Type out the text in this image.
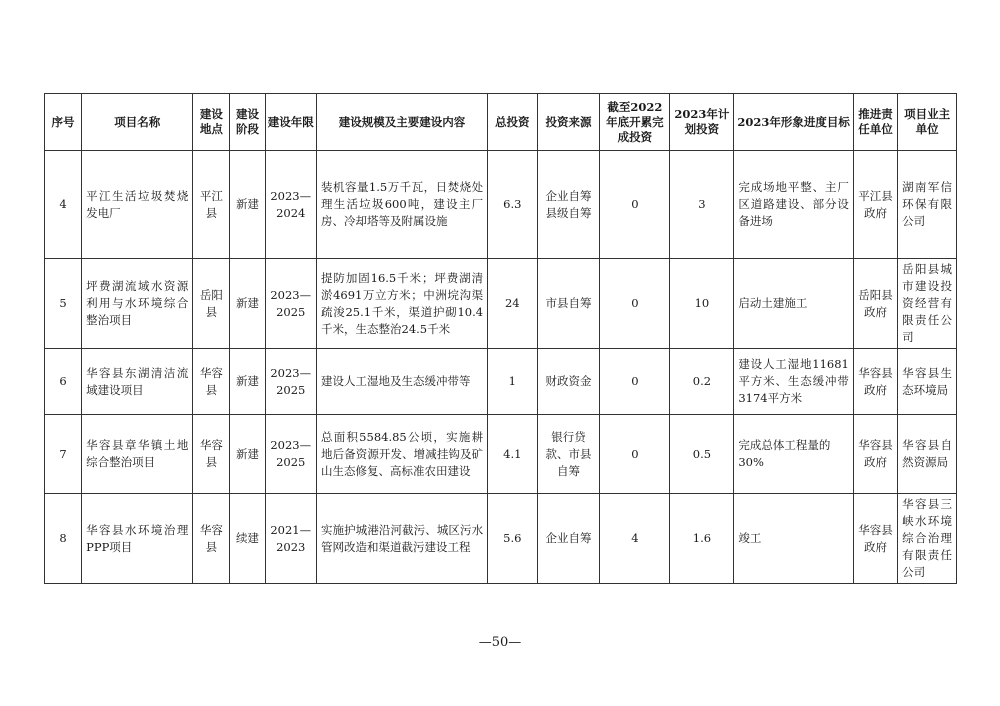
序号	项目名称	建设地点	建设阶段	建设年限	建设规模及主要建设内容	总投资	投资来源	截至2022年底开累完成投资	2023年计划投资	2023年形象进度目标	推进责任单位	项目业主单位
4	平江生活垃圾焚烧发电厂	平江县	新建	2023—2024	装机容量1.5万千瓦，日焚烧处理生活垃圾600吨，建设主厂房、冷却塔等及附属设施	6.3	企业自筹县级自筹	0	3	完成场地平整、主厂区道路建设、部分设备进场	平江县政府	湖南军信环保有限公司
5	坪费湖流域水资源利用与水环境综合整治项目	岳阳县	新建	2023—2025	提防加固16.5千米；坪费湖清淤4691万立方米；中洲垸沟渠疏浚25.1千米，渠道护砌10.4千米，生态整治24.5千米	24	市县自筹	0	10	启动土建施工	岳阳县政府	岳阳县城市建设投资经营有限责任公司
6	华容县东湖清洁流域建设项目	华容县	新建	2023—2025	建设人工湿地及生态缓冲带等	1	财政资金	0	0.2	建设人工湿地11681平方米、生态缓冲带3174平方米	华容县政府	华容县生态环境局
7	华容县章华镇土地综合整治项目	华容县	新建	2023—2025	总面积5584.85公顷，实施耕地后备资源开发、增减挂钩及矿山生态修复、高标准农田建设	4.1	银行贷款、市县自筹	0	0.5	完成总体工程量的30%	华容县政府	华容县自然资源局
8	华容县水环境治理PPP项目	华容县	续建	2021—2023	实施护城港沿河截污、城区污水管网改造和渠道截污建设工程	5.6	企业自筹	4	1.6	竣工	华容县政府	华容县三峡水环境综合治理有限责任公司
—50—
